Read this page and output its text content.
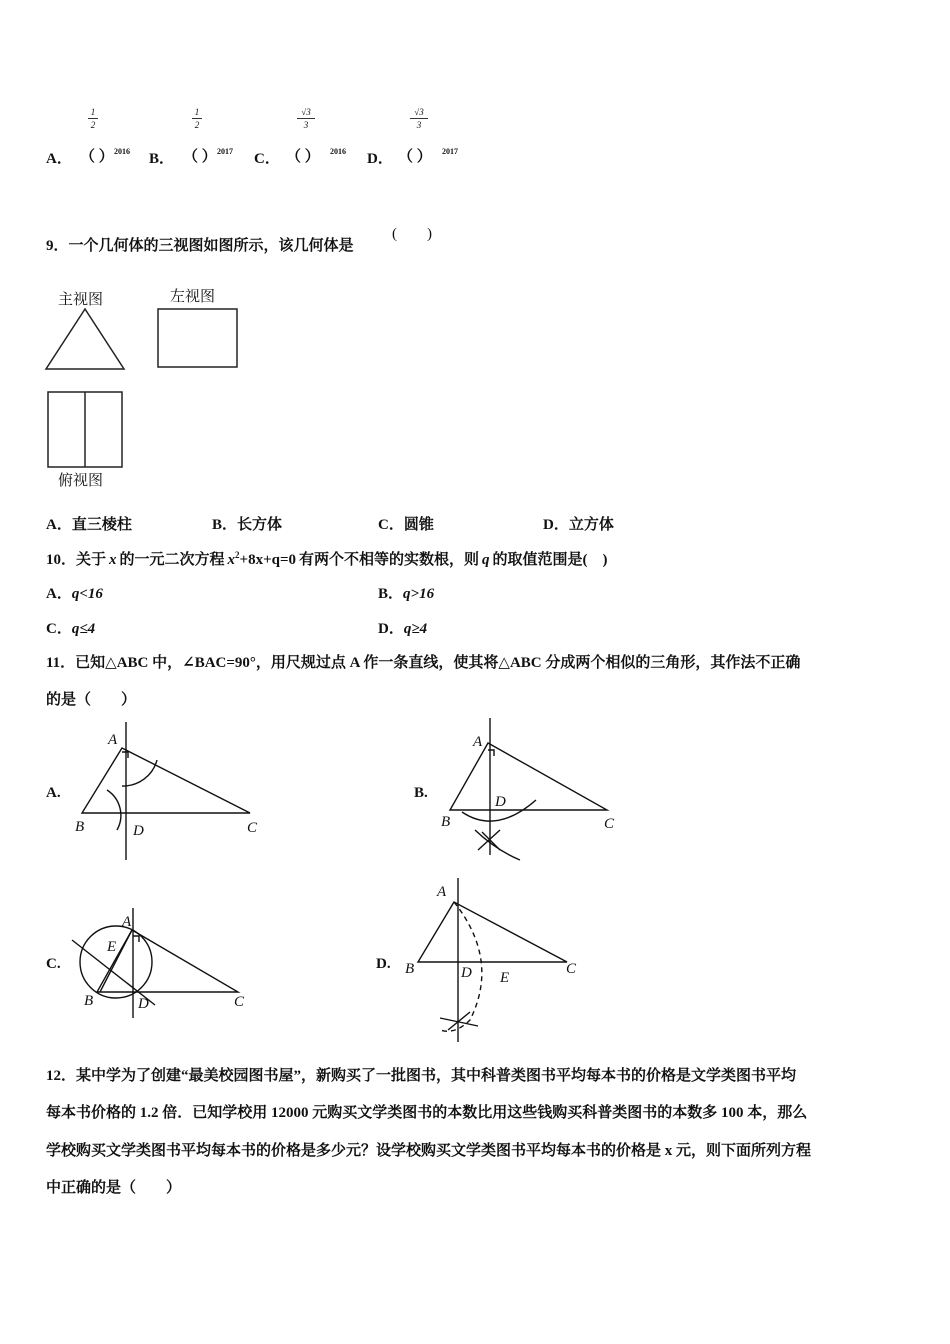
A．
1
2
（ ） 2016 B．
1
2
（ ） 2017 C．
√3
3
（ ） 2016 D．
√3
3
（ ） 2017
9．一个几何体的三视图如图所示，该几何体是
(　　)
主视图	左视图
俯视图
A．直三棱柱	B．长方体	C．圆锥	D．立方体
10．关于 x 的一元二次方程 $x^2+8x+q=0$ 有两个不相等的实数根，则 q 的取值范围是(　)
A．q<16	B．q>16
C．q≤4	D．q≥4
11．已知△ABC 中，∠BAC=90°，用尺规过点 A 作一条直线，使其将△ABC 分成两个相似的三角形，其作法不正确
的是（　　）
A.	B.
C.	D.
A
B	D	C
A
B
D
C
A
E
B	D	C
A
B	D E
C
12．某中学为了创建“最美校园图书屋”，新购买了一批图书，其中科普类图书平均每本书的价格是文学类图书平均
每本书价格的 1.2 倍．已知学校用 12000 元购买文学类图书的本数比用这些钱购买科普类图书的本数多 100 本，那么
学校购买文学类图书平均每本书的价格是多少元？设学校购买文学类图书平均每本书的价格是 x 元，则下面所列方程
中正确的是（　　）
